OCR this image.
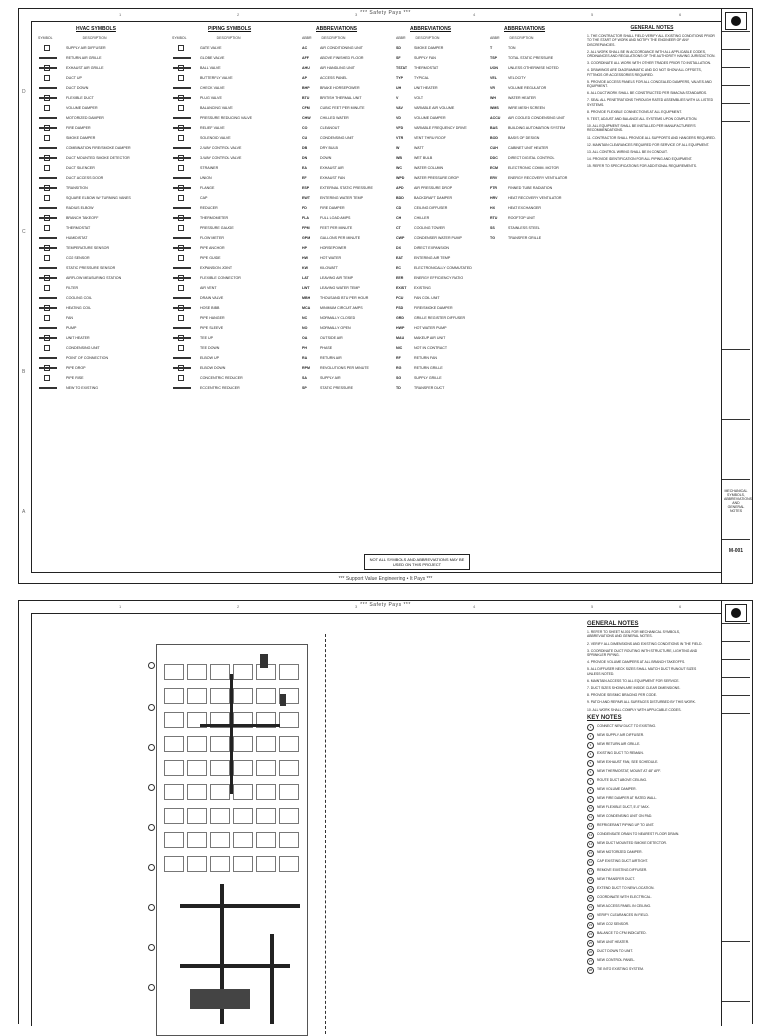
*** Safety Pays ***
*** Support Value Engineering • It Pays ***
1	2	3	4	5	6
D
C
B
A
HVAC SYMBOLS
SYMBOL	DESCRIPTION
SUPPLY AIR DIFFUSER
RETURN AIR GRILLE
EXHAUST AIR GRILLE
DUCT UP
DUCT DOWN
FLEXIBLE DUCT
VOLUME DAMPER
MOTORIZED DAMPER
FIRE DAMPER
SMOKE DAMPER
COMBINATION FIRE/SMOKE DAMPER
DUCT MOUNTED SMOKE DETECTOR
DUCT SILENCER
DUCT ACCESS DOOR
TRANSITION
SQUARE ELBOW W/ TURNING VANES
RADIUS ELBOW
BRANCH TAKEOFF
THERMOSTAT
HUMIDISTAT
TEMPERATURE SENSOR
CO2 SENSOR
STATIC PRESSURE SENSOR
AIRFLOW MEASURING STATION
FILTER
COOLING COIL
HEATING COIL
FAN
PUMP
UNIT HEATER
CONDENSING UNIT
POINT OF CONNECTION
PIPE DROP
PIPE RISE
NEW TO EXISTING
PIPING SYMBOLS
SYMBOL	DESCRIPTION
GATE VALVE
GLOBE VALVE
BALL VALVE
BUTTERFLY VALVE
CHECK VALVE
PLUG VALVE
BALANCING VALVE
PRESSURE REDUCING VALVE
RELIEF VALVE
SOLENOID VALVE
2-WAY CONTROL VALVE
3-WAY CONTROL VALVE
STRAINER
UNION
FLANGE
CAP
REDUCER
THERMOMETER
PRESSURE GAUGE
FLOW METER
PIPE ANCHOR
PIPE GUIDE
EXPANSION JOINT
FLEXIBLE CONNECTOR
AIR VENT
DRAIN VALVE
HOSE BIBB
PIPE HANGER
PIPE SLEEVE
TEE UP
TEE DOWN
ELBOW UP
ELBOW DOWN
CONCENTRIC REDUCER
ECCENTRIC REDUCER
ABBREVIATIONS
ABBR	DESCRIPTION
AC	AIR CONDITIONING UNIT
AFF	ABOVE FINISHED FLOOR
AHU	AIR HANDLING UNIT
AP	ACCESS PANEL
BHP	BRAKE HORSEPOWER
BTU	BRITISH THERMAL UNIT
CFM	CUBIC FEET PER MINUTE
CHW	CHILLED WATER
CO	CLEANOUT
CU	CONDENSING UNIT
DB	DRY BULB
DN	DOWN
EA	EXHAUST AIR
EF	EXHAUST FAN
ESP	EXTERNAL STATIC PRESSURE
EWT	ENTERING WATER TEMP
FD	FIRE DAMPER
FLA	FULL LOAD AMPS
FPM	FEET PER MINUTE
GPM	GALLONS PER MINUTE
HP	HORSEPOWER
HW	HOT WATER
KW	KILOWATT
LAT	LEAVING AIR TEMP
LWT	LEAVING WATER TEMP
MBH	THOUSAND BTU PER HOUR
MCA	MINIMUM CIRCUIT AMPS
NC	NORMALLY CLOSED
NO	NORMALLY OPEN
OA	OUTSIDE AIR
PH	PHASE
RA	RETURN AIR
RPM	REVOLUTIONS PER MINUTE
SA	SUPPLY AIR
SP	STATIC PRESSURE
ABBREVIATIONS
ABBR	DESCRIPTION
SD	SMOKE DAMPER
SF	SUPPLY FAN
TSTAT	THERMOSTAT
TYP	TYPICAL
UH	UNIT HEATER
V	VOLT
VAV	VARIABLE AIR VOLUME
VD	VOLUME DAMPER
VFD	VARIABLE FREQUENCY DRIVE
VTR	VENT THRU ROOF
W	WATT
WB	WET BULB
WC	WATER COLUMN
WPD	WATER PRESSURE DROP
APD	AIR PRESSURE DROP
BDD	BACKDRAFT DAMPER
CD	CEILING DIFFUSER
CH	CHILLER
CT	COOLING TOWER
CWP	CONDENSER WATER PUMP
DX	DIRECT EXPANSION
EAT	ENTERING AIR TEMP
EC	ELECTRONICALLY COMMUTATED
EER	ENERGY EFFICIENCY RATIO
EXIST	EXISTING
FCU	FAN COIL UNIT
FSD	FIRE/SMOKE DAMPER
GRD	GRILLE REGISTER DIFFUSER
HWP	HOT WATER PUMP
MAU	MAKEUP AIR UNIT
NIC	NOT IN CONTRACT
RF	RETURN FAN
RG	RETURN GRILLE
SG	SUPPLY GRILLE
TD	TRANSFER DUCT
ABBREVIATIONS
ABBR	DESCRIPTION
T	TON
TSP	TOTAL STATIC PRESSURE
UON	UNLESS OTHERWISE NOTED
VEL	VELOCITY
VR	VOLUME REGULATOR
WH	WATER HEATER
WMS	WIRE MESH SCREEN
ACCU	AIR COOLED CONDENSING UNIT
BAS	BUILDING AUTOMATION SYSTEM
BOD	BASIS OF DESIGN
CUH	CABINET UNIT HEATER
DDC	DIRECT DIGITAL CONTROL
ECM	ELECTRONIC COMM. MOTOR
ERV	ENERGY RECOVERY VENTILATOR
FTR	FINNED TUBE RADIATION
HRV	HEAT RECOVERY VENTILATOR
HX	HEAT EXCHANGER
RTU	ROOFTOP UNIT
SS	STAINLESS STEEL
TG	TRANSFER GRILLE
GENERAL NOTES

1. THE CONTRACTOR SHALL FIELD VERIFY ALL EXISTING CONDITIONS PRIOR TO THE START OF WORK AND NOTIFY THE ENGINEER OF ANY DISCREPANCIES.

2. ALL WORK SHALL BE IN ACCORDANCE WITH ALL APPLICABLE CODES, ORDINANCES AND REGULATIONS OF THE AUTHORITY HAVING JURISDICTION.

3. COORDINATE ALL WORK WITH OTHER TRADES PRIOR TO INSTALLATION.

4. DRAWINGS ARE DIAGRAMMATIC AND DO NOT SHOW ALL OFFSETS, FITTINGS OR ACCESSORIES REQUIRED.

5. PROVIDE ACCESS PANELS FOR ALL CONCEALED DAMPERS, VALVES AND EQUIPMENT.

6. ALL DUCTWORK SHALL BE CONSTRUCTED PER SMACNA STANDARDS.

7. SEAL ALL PENETRATIONS THROUGH RATED ASSEMBLIES WITH UL LISTED SYSTEMS.

8. PROVIDE FLEXIBLE CONNECTIONS AT ALL EQUIPMENT.

9. TEST, ADJUST AND BALANCE ALL SYSTEMS UPON COMPLETION.

10. ALL EQUIPMENT SHALL BE INSTALLED PER MANUFACTURER'S RECOMMENDATIONS.

11. CONTRACTOR SHALL PROVIDE ALL SUPPORTS AND HANGERS REQUIRED.

12. MAINTAIN CLEARANCES REQUIRED FOR SERVICE OF ALL EQUIPMENT.

13. ALL CONTROL WIRING SHALL BE IN CONDUIT.

14. PROVIDE IDENTIFICATION FOR ALL PIPING AND EQUIPMENT.

15. REFER TO SPECIFICATIONS FOR ADDITIONAL REQUIREMENTS.

NOT ALL SYMBOLS AND ABBREVIATIONS MAY BE USED ON THIS PROJECT
MECHANICAL
SYMBOLS, ABBREVIATIONS
AND GENERAL NOTES
M-001
*** Safety Pays ***
1	2	3	4	5	6
GENERAL NOTES

1. REFER TO SHEET M-001 FOR MECHANICAL SYMBOLS, ABBREVIATIONS AND GENERAL NOTES.

2. VERIFY ALL DIMENSIONS AND EXISTING CONDITIONS IN THE FIELD.

3. COORDINATE DUCT ROUTING WITH STRUCTURE, LIGHTING AND SPRINKLER PIPING.

4. PROVIDE VOLUME DAMPERS AT ALL BRANCH TAKEOFFS.

5. ALL DIFFUSER NECK SIZES SHALL MATCH DUCT RUNOUT SIZES UNLESS NOTED.

6. MAINTAIN ACCESS TO ALL EQUIPMENT FOR SERVICE.

7. DUCT SIZES SHOWN ARE INSIDE CLEAR DIMENSIONS.

8. PROVIDE SEISMIC BRACING PER CODE.

9. PATCH AND REPAIR ALL SURFACES DISTURBED BY THIS WORK.

10. ALL WORK SHALL COMPLY WITH APPLICABLE CODES.

KEY NOTES
1	CONNECT NEW DUCT TO EXISTING.
2	NEW SUPPLY AIR DIFFUSER.
3	NEW RETURN AIR GRILLE.
4	EXISTING DUCT TO REMAIN.
5	NEW EXHAUST FAN, SEE SCHEDULE.
6	NEW THERMOSTAT, MOUNT AT 48" AFF.
7	ROUTE DUCT ABOVE CEILING.
8	NEW VOLUME DAMPER.
9	NEW FIRE DAMPER AT RATED WALL.
10	NEW FLEXIBLE DUCT, 5'-0" MAX.
11	NEW CONDENSING UNIT ON PAD.
12	REFRIGERANT PIPING UP TO UNIT.
13	CONDENSATE DRAIN TO NEAREST FLOOR DRAIN.
14	NEW DUCT MOUNTED SMOKE DETECTOR.
15	NEW MOTORIZED DAMPER.
16	CAP EXISTING DUCT AIRTIGHT.
17	REMOVE EXISTING DIFFUSER.
18	NEW TRANSFER DUCT.
19	EXTEND DUCT TO NEW LOCATION.
20	COORDINATE WITH ELECTRICAL.
21	NEW ACCESS PANEL IN CEILING.
22	VERIFY CLEARANCES IN FIELD.
23	NEW CO2 SENSOR.
24	BALANCE TO CFM INDICATED.
25	NEW UNIT HEATER.
26	DUCT DOWN TO UNIT.
27	NEW CONTROL PANEL.
28	TIE INTO EXISTING SYSTEM.
